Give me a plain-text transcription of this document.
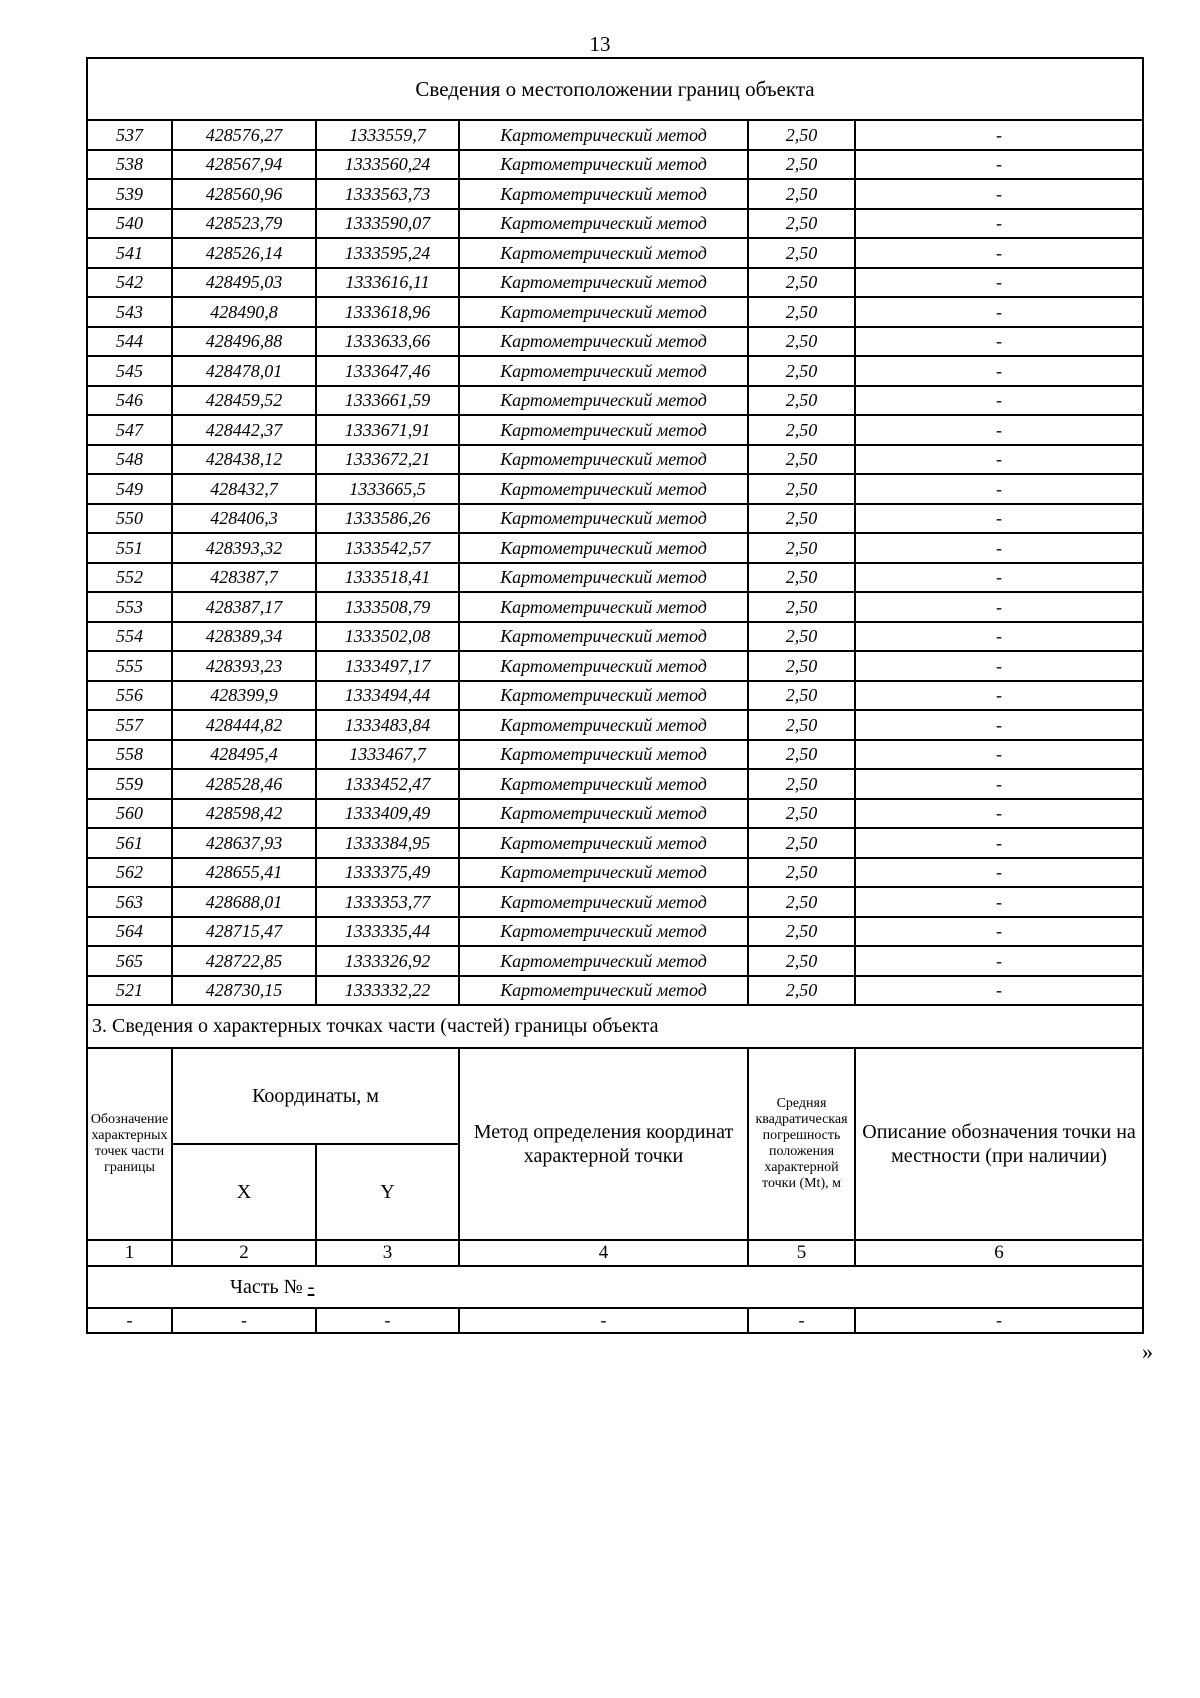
13
Сведения о местоположении границ объекта					
537	428576,27	1333559,7	Картометрический метод	2,50	-
538	428567,94	1333560,24	Картометрический метод	2,50	-
539	428560,96	1333563,73	Картометрический метод	2,50	-
540	428523,79	1333590,07	Картометрический метод	2,50	-
541	428526,14	1333595,24	Картометрический метод	2,50	-
542	428495,03	1333616,11	Картометрический метод	2,50	-
543	428490,8	1333618,96	Картометрический метод	2,50	-
544	428496,88	1333633,66	Картометрический метод	2,50	-
545	428478,01	1333647,46	Картометрический метод	2,50	-
546	428459,52	1333661,59	Картометрический метод	2,50	-
547	428442,37	1333671,91	Картометрический метод	2,50	-
548	428438,12	1333672,21	Картометрический метод	2,50	-
549	428432,7	1333665,5	Картометрический метод	2,50	-
550	428406,3	1333586,26	Картометрический метод	2,50	-
551	428393,32	1333542,57	Картометрический метод	2,50	-
552	428387,7	1333518,41	Картометрический метод	2,50	-
553	428387,17	1333508,79	Картометрический метод	2,50	-
554	428389,34	1333502,08	Картометрический метод	2,50	-
555	428393,23	1333497,17	Картометрический метод	2,50	-
556	428399,9	1333494,44	Картометрический метод	2,50	-
557	428444,82	1333483,84	Картометрический метод	2,50	-
558	428495,4	1333467,7	Картометрический метод	2,50	-
559	428528,46	1333452,47	Картометрический метод	2,50	-
560	428598,42	1333409,49	Картометрический метод	2,50	-
561	428637,93	1333384,95	Картометрический метод	2,50	-
562	428655,41	1333375,49	Картометрический метод	2,50	-
563	428688,01	1333353,77	Картометрический метод	2,50	-
564	428715,47	1333335,44	Картометрический метод	2,50	-
565	428722,85	1333326,92	Картометрический метод	2,50	-
521	428730,15	1333332,22	Картометрический метод	2,50	-
3. Сведения о характерных точках части (частей) границы объекта					
Обозначение характерных точек части границы	Координаты, м		Метод определения координат характерной точки	Средняя квадратическая погрешность положения характерной точки (Mt), м	Описание обозначения точки на местности (при наличии)
	X	Y			
1	2	3	4	5	6
Часть № -					
-	-	-	-	-	-
»
